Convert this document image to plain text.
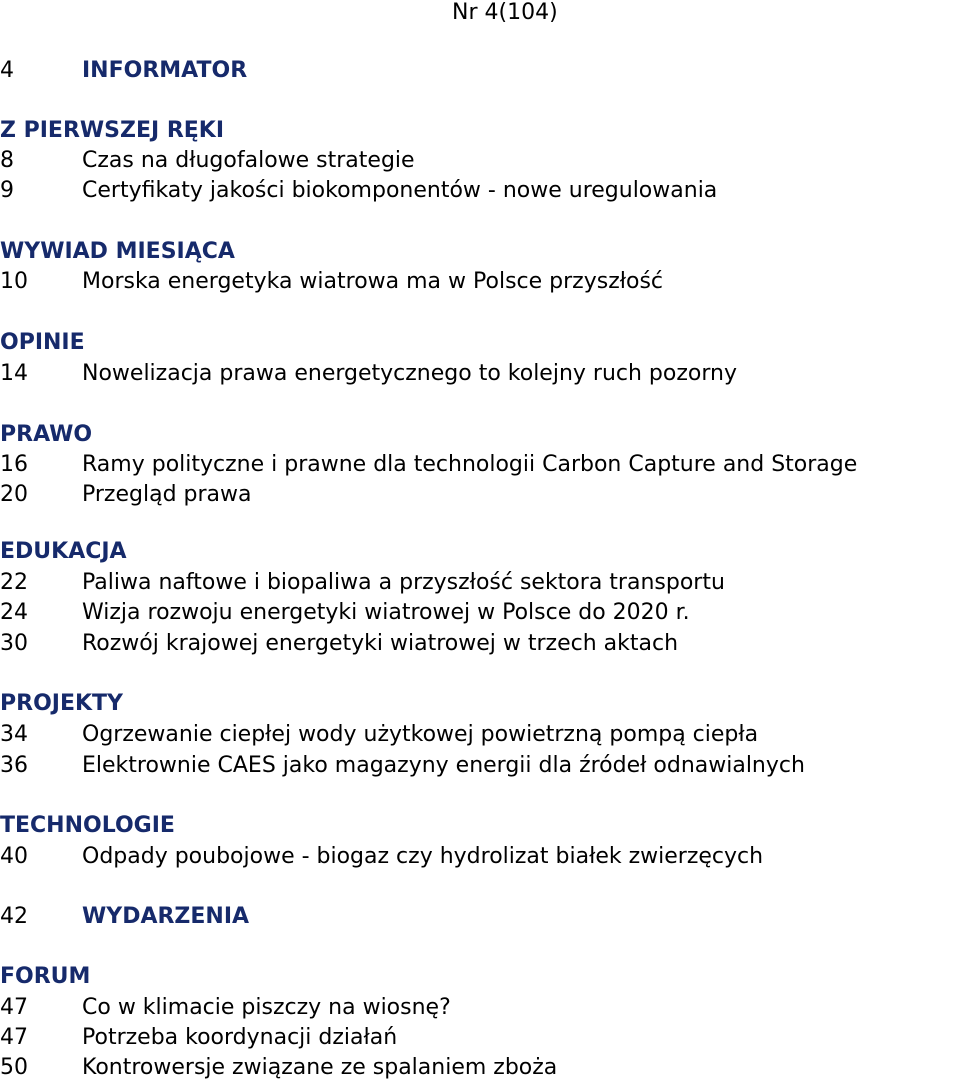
Nr 4(104)
4	INFORMATOR
Z PIERWSZEJ RĘKI
8	Czas na długofalowe strategie
9	Certyfikaty jakości biokomponentów - nowe uregulowania
WYWIAD MIESIĄCA
10 Morska energetyka wiatrowa ma w Polsce przyszłość
OPINIE
14 Nowelizacja prawa energetycznego to kolejny ruch pozorny
PRAWO
16 Ramy polityczne i prawne dla technologii Carbon Capture and Storage
20 Przegląd prawa
EDUKACJA
22 Paliwa naftowe i biopaliwa a przyszłość sektora transportu
24 Wizja rozwoju energetyki wiatrowej w Polsce do 2020 r.
30 Rozwój krajowej energetyki wiatrowej w trzech aktach
PROJEKTY
34 Ogrzewanie ciepłej wody użytkowej powietrzną pompą ciepła
36 Elektrownie CAES jako magazyny energii dla źródeł odnawialnych
TECHNOLOGIE
40 Odpady poubojowe - biogaz czy hydrolizat białek zwierzęcych
42 WYDARZENIA
FORUM
47 Co w klimacie piszczy na wiosnę?
47 Potrzeba koordynacji działań
50 Kontrowersje związane ze spalaniem zboża
